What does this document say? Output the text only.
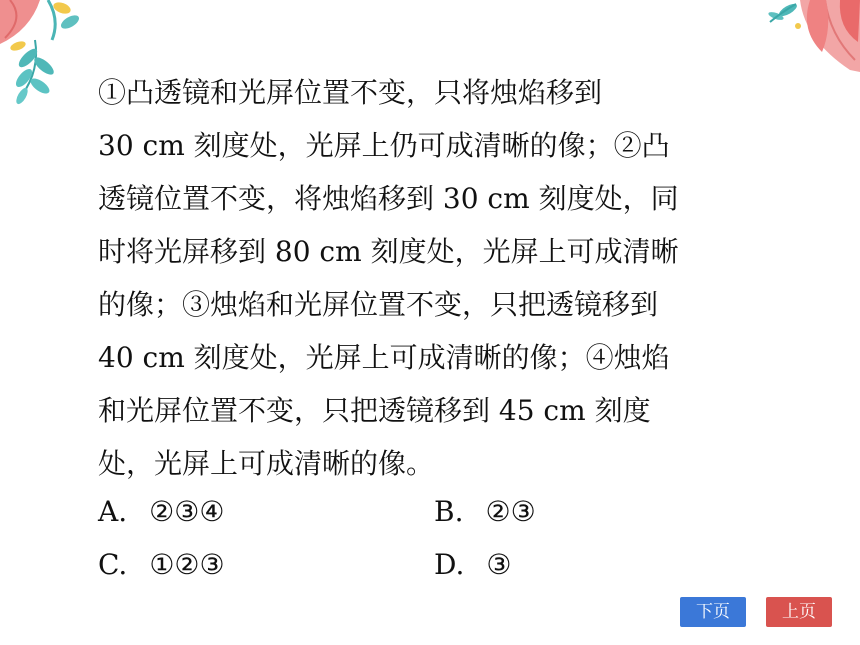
①凸透镜和光屏位置不变，只将烛焰移到
30 cm 刻度处，光屏上仍可成清晰的像；②凸
透镜位置不变，将烛焰移到 30 cm 刻度处，同
时将光屏移到 80 cm 刻度处，光屏上可成清晰
的像；③烛焰和光屏位置不变，只把透镜移到
40 cm 刻度处，光屏上可成清晰的像；④烛焰
和光屏位置不变，只把透镜移到 45 cm 刻度
处，光屏上可成清晰的像。
A. ②③④	B. ②③
C. ①②③	D. ③
下页	上页
